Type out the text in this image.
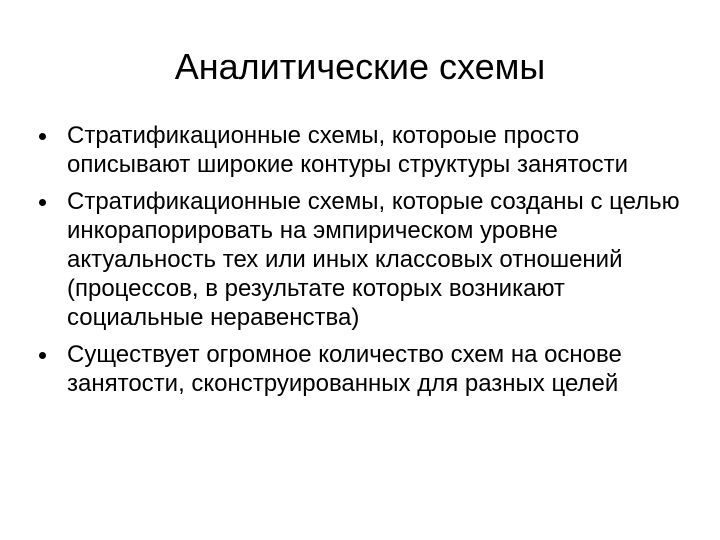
Аналитические схемы
Стратификационные схемы, котороые просто описывают широкие контуры структуры занятости
Стратификационные схемы, которые созданы с целью инкорапорировать на эмпирическом уровне актуальность тех или иных классовых отношений (процессов, в результате которых возникают социальные неравенства)
Существует огромное количество схем на основе занятости, сконструированных для разных целей
